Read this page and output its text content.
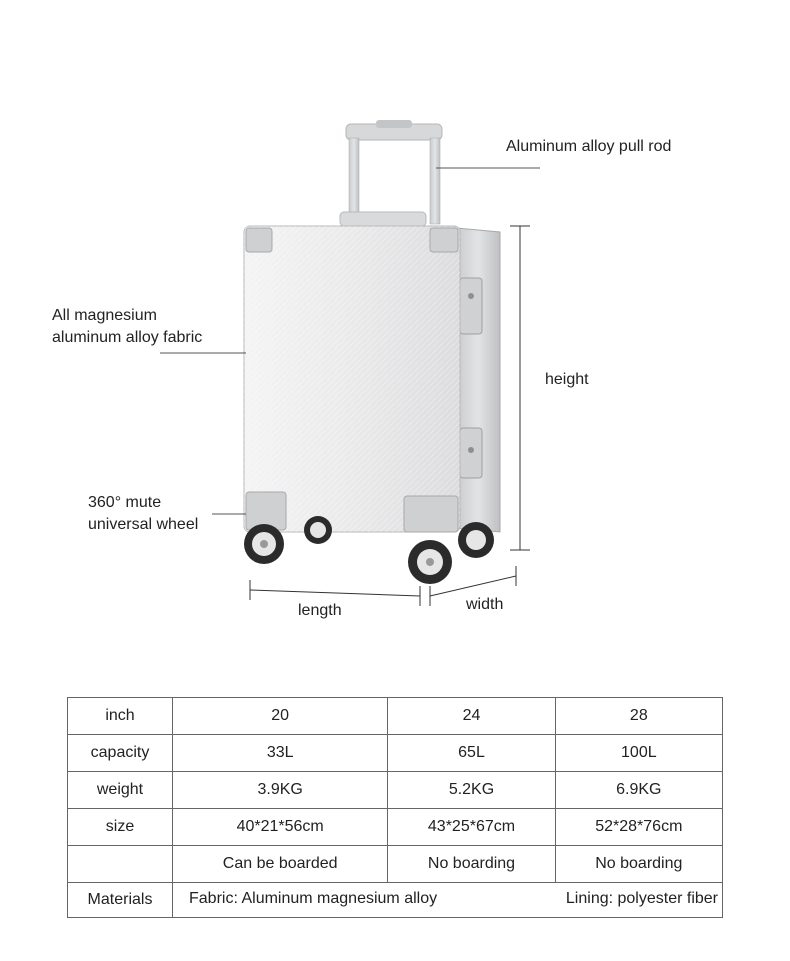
Aluminum alloy pull rod
All magnesium
aluminum alloy fabric
height
360° mute
universal wheel
length	width
inch	20	24	28
capacity	33L	65L	100L
weight	3.9KG	5.2KG	6.9KG
size	40*21*56cm	43*25*67cm	52*28*76cm
	Can be boarded	No boarding	No boarding
Materials	Fabric: Aluminum magnesium alloy Lining: polyester fiber		
